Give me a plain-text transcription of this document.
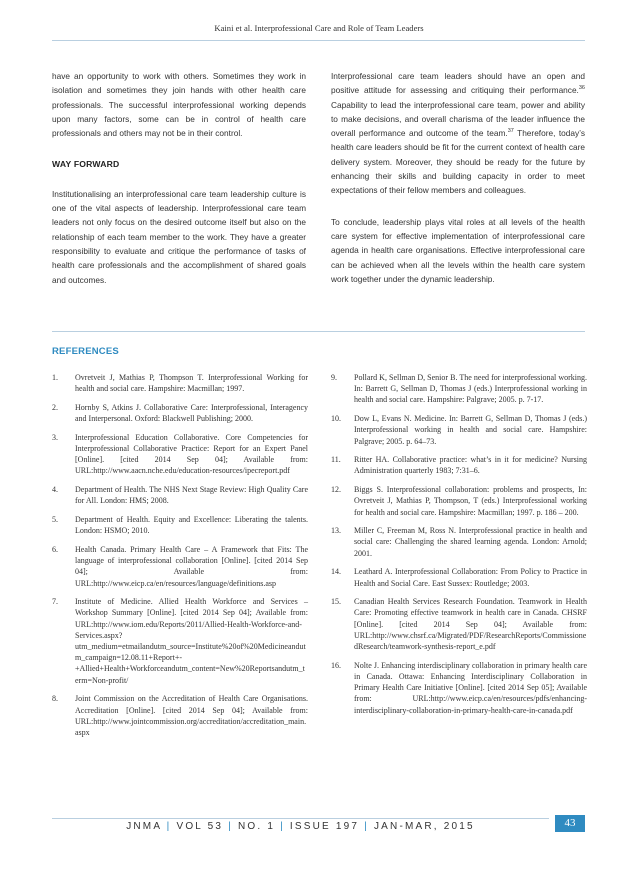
Kaini et al. Interprofessional Care and Role of Team Leaders

have an opportunity to work with others. Sometimes they work in isolation and sometimes they join hands with other health care professionals. The successful interprofessional working depends upon many factors, some can be in control of health care professionals and others may not be in their control.

WAY FORWARD

Institutionalising an interprofessional care team leadership culture is one of the vital aspects of leadership. Interprofessional care team leaders not only focus on the desired outcome itself but also on the relationship of each team member to the work. They have a greater responsibility to evaluate and critique the performance of tasks of health care professionals and the accomplishment of shared goals and outcomes.

Interprofessional care team leaders should have an open and positive attitude for assessing and critiquing their performance.$^{36}$ Capability to lead the interprofessional care team, power and ability to make decisions, and overall charisma of the leader influence the overall performance and outcome of the team.$^{37}$ Therefore, today’s health care leaders should be fit for the current context of health care delivery system. Moreover, they should be ready for the future by enhancing their skills and building capacity in order to meet expectations of their fellow members and colleagues.

To conclude, leadership plays vital roles at all levels of the health care system for effective implementation of interprofessional care agenda in health care organisations. Effective interprofessional care can be achieved when all the levels within the health care system work together under the dynamic leadership.

REFERENCES
1.	Ovretveit J, Mathias P, Thompson T. Interprofessional Working for health and social care. Hampshire: Macmillan; 1997.
2.	Hornby S, Atkins J. Collaborative Care: Interprofessional, Interagency and Interpersonal. Oxford: Blackwell Publishing; 2000.
3.	Interprofessional Education Collaborative. Core Competencies for Interprofessional Collaborative Practice: Report for an Expert Panel [Online]. [cited 2014 Sep 04]; Available from: URL:http://www.aacn.nche.edu/education-resources/ipecreport.pdf
4.	Department of Health. The NHS Next Stage Review: High Quality Care for All. London: HMS; 2008.
5.	Department of Health. Equity and Excellence: Liberating the talents. London: HSMO; 2010.
6.	Health Canada. Primary Health Care – A Framework that Fits: The language of interprofessional collaboration [Online]. [cited 2014 Sep 04]; Available from: URL:http://www.eicp.ca/en/resources/language/definitions.asp
7.	Institute of Medicine. Allied Health Workforce and Services – Workshop Summary [Online]. [cited 2014 Sep 04]; Available from: URL:http://www.iom.edu/Reports/2011/Allied-Health-Workforce-and-Services.aspx?utm_medium=etmailandutm_source=Institute%20of%20Medicineandutm_campaign=12.08.11+Report+-+Allied+Health+Workforceandutm_content=New%20Reportsandutm_term=Non-profit/
8.	Joint Commission on the Accreditation of Health Care Organisations. Accreditation [Online]. [cited 2014 Sep 04]; Available from: URL:http://www.jointcommission.org/accreditation/accreditation_main.aspx
9.	Pollard K, Sellman D, Senior B. The need for interprofessional working. In: Barrett G, Sellman D, Thomas J (eds.) Interprofessional working in health and social care. Hampshire: Palgrave; 2005. p. 7-17.
10.	Dow L, Evans N. Medicine. In: Barrett G, Sellman D, Thomas J (eds.) Interprofessional working in health and social care. Hampshire: Palgrave; 2005. p. 64–73.
11.	Ritter HA. Collaborative practice: what’s in it for medicine? Nursing Administration quarterly 1983; 7:31–6.
12.	Biggs S. Interprofessional collaboration: problems and prospects, In: Ovretveit J, Mathias P, Thompson, T (eds.) Interprofessional working for health and social care. Hampshire: Macmillan; 1997. p. 186 – 200.
13.	Miller C, Freeman M, Ross N. Interprofessional practice in health and social care: Challenging the shared learning agenda. London: Arnold; 2001.
14.	Leathard A. Interprofessional Collaboration: From Policy to Practice in Health and Social Care. East Sussex: Routledge; 2003.
15.	Canadian Health Services Research Foundation. Teamwork in Health Care: Promoting effective teamwork in health care in Canada. CHSRF [Online]. [cited 2014 Sep 04]; Available from: URL:http://www.chsrf.ca/Migrated/PDF/ResearchReports/CommissionedResearch/teamwork-synthesis-report_e.pdf
16.	Nolte J. Enhancing interdisciplinary collaboration in primary health care in Canada. Ottawa: Enhancing Interdisciplinary Collaboration in Primary Health Care Initiative [Online]. [cited 2014 Sep 05]; Available from: URL:http://www.eicp.ca/en/resources/pdfs/enhancing-interdisciplinary-collaboration-in-primary-health-care-in-canada.pdf
JNMA | VOL 53 | NO. 1 | ISSUE 197 | JAN-MAR, 2015	43
